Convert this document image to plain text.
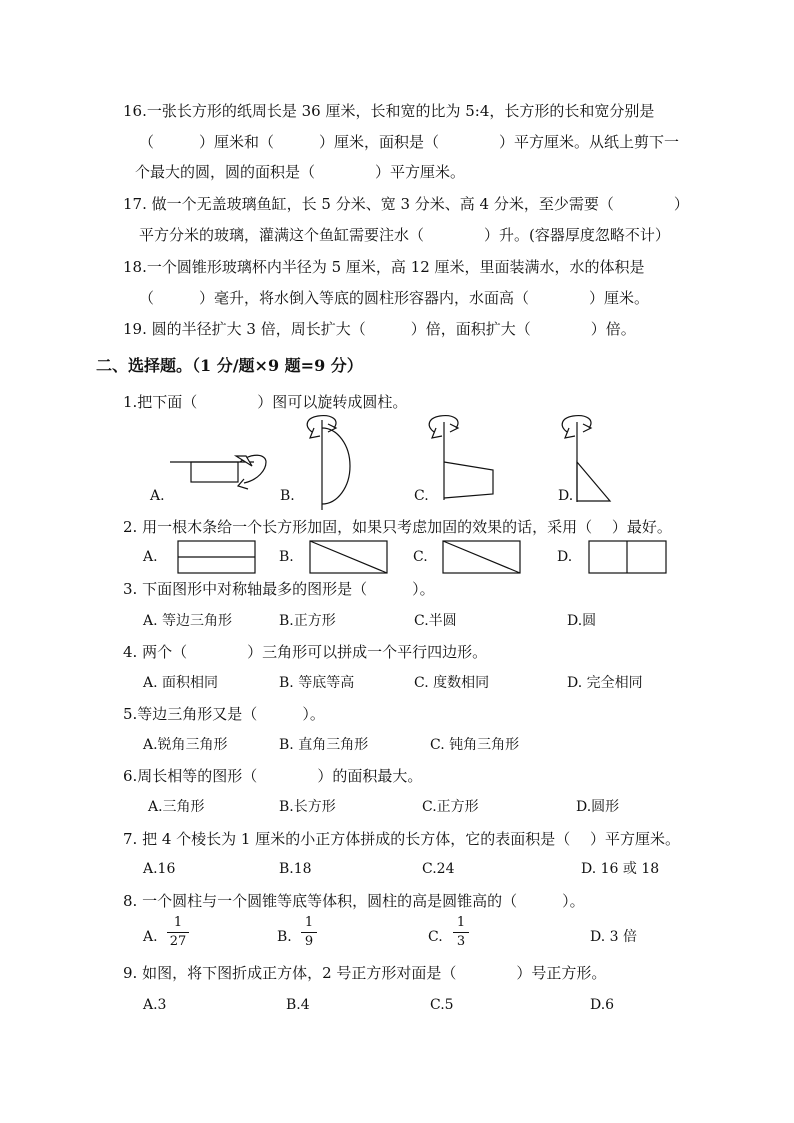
16.一张长方形的纸周长是 36 厘米，长和宽的比为 5:4，长方形的长和宽分别是
（　　　）厘米和（　　　）厘米，面积是（　　　　）平方厘米。从纸上剪下一
个最大的圆，圆的面积是（　　　　）平方厘米。
17. 做一个无盖玻璃鱼缸，长 5 分米、宽 3 分米、高 4 分米，至少需要（　　　　）
平方分米的玻璃，灌满这个鱼缸需要注水（　　　　）升。(容器厚度忽略不计）
18.一个圆锥形玻璃杯内半径为 5 厘米，高 12 厘米，里面装满水，水的体积是
（　　　）毫升，将水倒入等底的圆柱形容器内，水面高（　　　　）厘米。
19. 圆的半径扩大 3 倍，周长扩大（　　　）倍，面积扩大（　　　　）倍。
二、选择题。（1 分/题×9 题=9 分）
1.把下面（　　　　）图可以旋转成圆柱。
A.	B.	C.	D.
2. 用一根木条给一个长方形加固，如果只考虑加固的效果的话，采用（　 ）最好。
A.	B.	C.	D.
3. 下面图形中对称轴最多的图形是（　　　）。
A. 等边三角形	B.正方形	C.半圆	D.圆
4. 两个（　　　　）三角形可以拼成一个平行四边形。
A. 面积相同	B. 等底等高	C. 度数相同	D. 完全相同
5.等边三角形又是（　　　）。
A.锐角三角形	B. 直角三角形	C. 钝角三角形
6.周长相等的图形（　　　　）的面积最大。
A.三角形	B.长方形	C.正方形	D.圆形
7. 把 4 个棱长为 1 厘米的小正方体拼成的长方体，它的表面积是（　 ）平方厘米。
A.16	B.18	C.24	D. 16 或 18
8. 一个圆柱与一个圆锥等底等体积，圆柱的高是圆锥高的（　　　）。
A.
1
27	B.
1
9	C.
1
3	D. 3 倍
9. 如图，将下图折成正方体，2 号正方形对面是（　　　　）号正方形。
A.3	B.4	C.5	D.6
